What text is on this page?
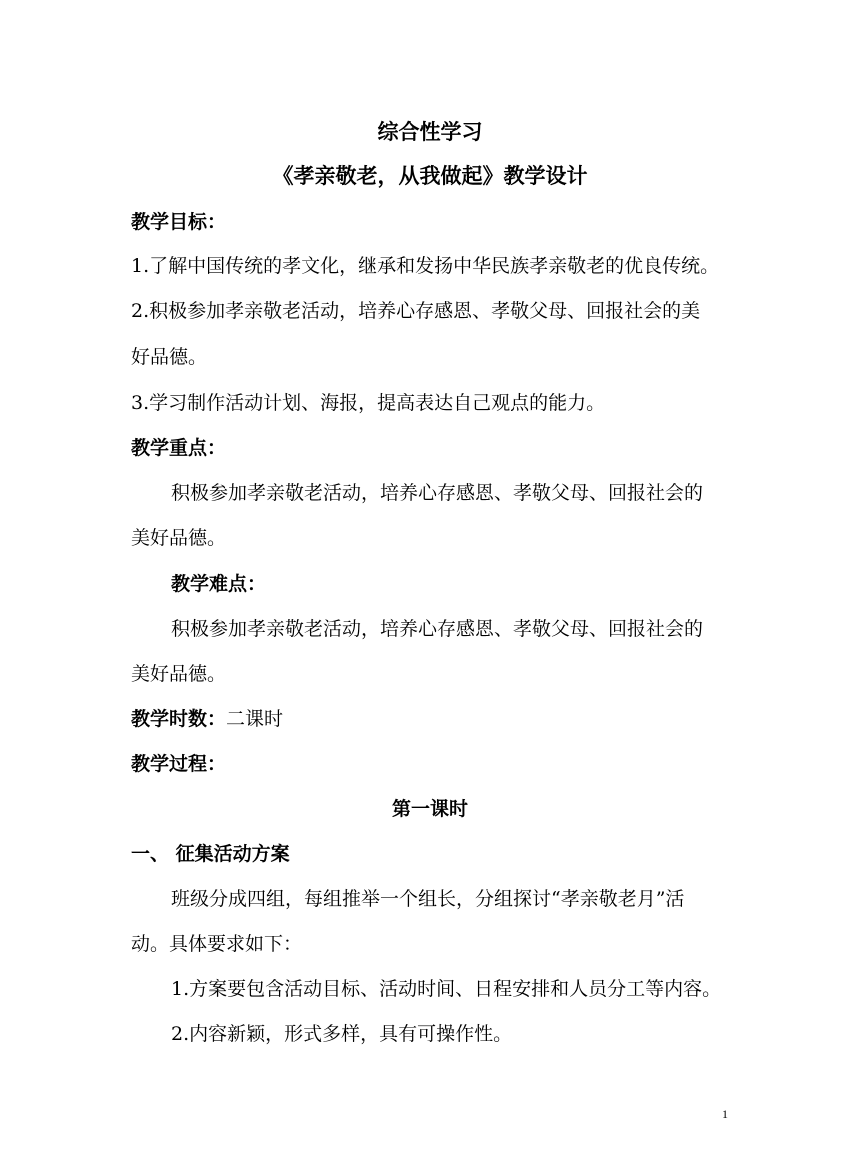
综合性学习
《孝亲敬老，从我做起》教学设计
教学目标：
1.了解中国传统的孝文化，继承和发扬中华民族孝亲敬老的优良传统。
2.积极参加孝亲敬老活动，培养心存感恩、孝敬父母、回报社会的美
好品德。
3.学习制作活动计划、海报，提高表达自己观点的能力。
教学重点：
积极参加孝亲敬老活动，培养心存感恩、孝敬父母、回报社会的
美好品德。
教学难点：
积极参加孝亲敬老活动，培养心存感恩、孝敬父母、回报社会的
美好品德。
教学时数：二课时
教学过程：
第一课时
一、 征集活动方案
班级分成四组，每组推举一个组长，分组探讨“孝亲敬老月”活
动。具体要求如下：
1.方案要包含活动目标、活动时间、日程安排和人员分工等内容。
2.内容新颖，形式多样，具有可操作性。
1
